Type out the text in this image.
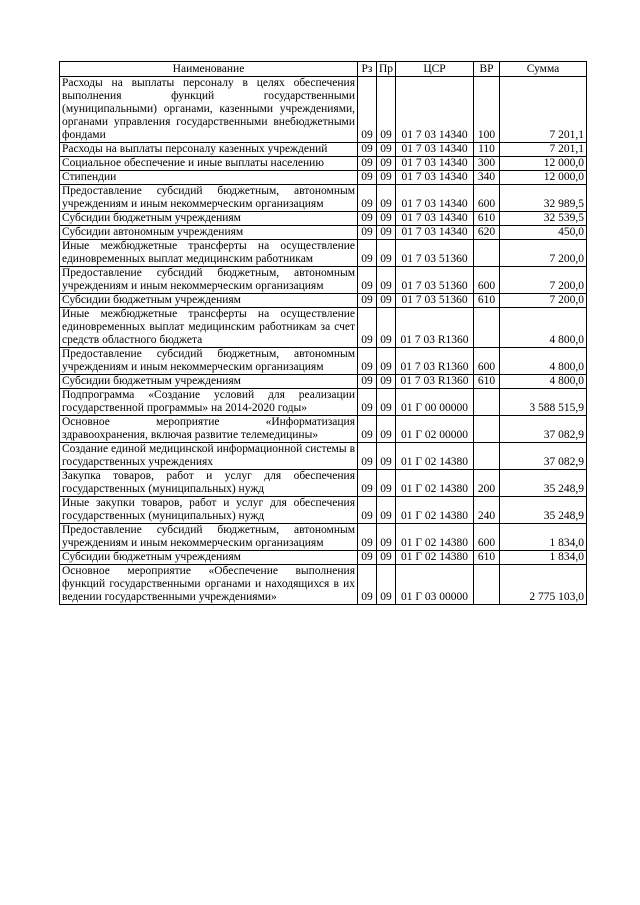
Наименование	Рз	Пр	ЦСР	ВР	Сумма
Расходы на выплаты персоналу в целях обеспечения выполнения функций государственными (муниципальными) органами, казенными учреждениями, органами управления государственными внебюджетными фондами	09	09	01 7 03 14340	100	7 201,1
Расходы на выплаты персоналу казенных учреждений	09	09	01 7 03 14340	110	7 201,1
Социальное обеспечение и иные выплаты населению	09	09	01 7 03 14340	300	12 000,0
Стипендии	09	09	01 7 03 14340	340	12 000,0
Предоставление субсидий бюджетным, автономным учреждениям и иным некоммерческим организациям	09	09	01 7 03 14340	600	32 989,5
Субсидии бюджетным учреждениям	09	09	01 7 03 14340	610	32 539,5
Субсидии автономным учреждениям	09	09	01 7 03 14340	620	450,0
Иные межбюджетные трансферты на осуществление единовременных выплат медицинским работникам	09	09	01 7 03 51360		7 200,0
Предоставление субсидий бюджетным, автономным учреждениям и иным некоммерческим организациям	09	09	01 7 03 51360	600	7 200,0
Субсидии бюджетным учреждениям	09	09	01 7 03 51360	610	7 200,0
Иные межбюджетные трансферты на осуществление единовременных выплат медицинским работникам за счет средств областного бюджета	09	09	01 7 03 R1360		4 800,0
Предоставление субсидий бюджетным, автономным учреждениям и иным некоммерческим организациям	09	09	01 7 03 R1360	600	4 800,0
Субсидии бюджетным учреждениям	09	09	01 7 03 R1360	610	4 800,0
Подпрограмма «Создание условий для реализации государственной программы» на 2014-2020 годы»	09	09	01 Г 00 00000		3 588 515,9
Основное мероприятие «Информатизация здравоохранения, включая развитие телемедицины»	09	09	01 Г 02 00000		37 082,9
Создание единой медицинской информационной системы в государственных учреждениях	09	09	01 Г 02 14380		37 082,9
Закупка товаров, работ и услуг для обеспечения государственных (муниципальных) нужд	09	09	01 Г 02 14380	200	35 248,9
Иные закупки товаров, работ и услуг для обеспечения государственных (муниципальных) нужд	09	09	01 Г 02 14380	240	35 248,9
Предоставление субсидий бюджетным, автономным учреждениям и иным некоммерческим организациям	09	09	01 Г 02 14380	600	1 834,0
Субсидии бюджетным учреждениям	09	09	01 Г 02 14380	610	1 834,0
Основное мероприятие «Обеспечение выполнения функций государственными органами и находящихся в их ведении государственными учреждениями»	09	09	01 Г 03 00000		2 775 103,0
